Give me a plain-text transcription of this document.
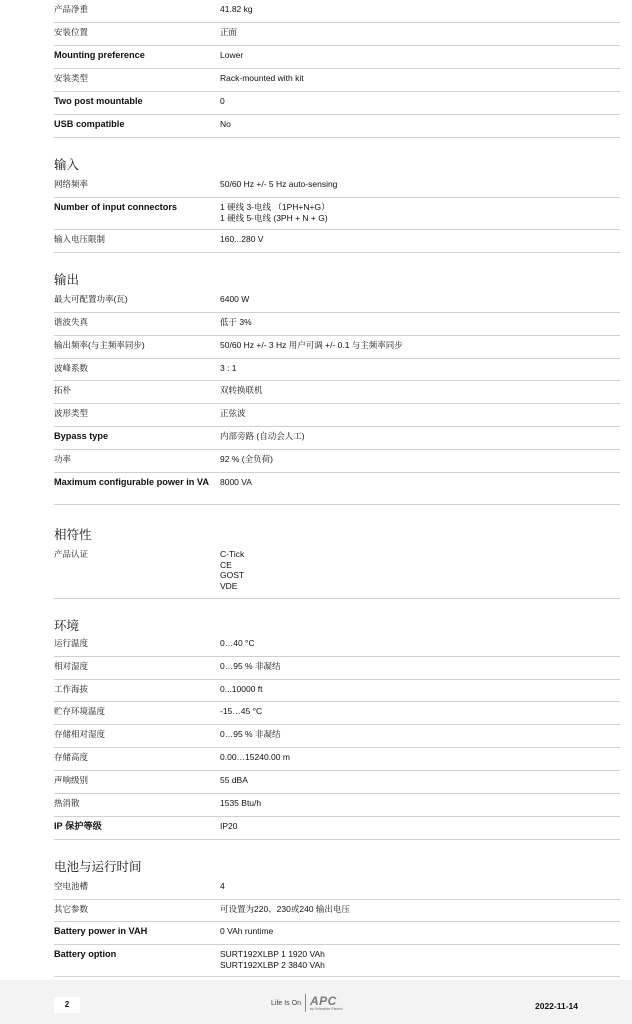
产品净重	41.82 kg
安装位置	正面
Mounting preference	Lower
安装类型	Rack-mounted with kit
Two post mountable	0
USB compatible	No
输入
网络频率	50/60 Hz +/- 5 Hz auto-sensing
Number of input connectors	1 硬线 3-电线 （1PH+N+G）
1 硬线 5-电线 (3PH + N + G)
输入电压限制	160...280 V
输出
最大可配置功率(瓦)	6400 W
谐波失真	低于 3%
输出频率(与主频率同步)	50/60 Hz +/- 3 Hz 用户可调 +/- 0.1 与主频率同步
波峰系数	3 : 1
拓朴	双转换联机
波形类型	正弦波
Bypass type	内部旁路 (自动会人工)
功率	92 % (全负荷)
Maximum configurable power in VA	8000 VA
相符性
产品认证	C-Tick
CE
GOST
VDE
环境
运行温度	0…40 °C
相对湿度	0…95 % 非凝结
工作海拔	0...10000 ft
贮存环境温度	-15…45 °C
存储相对湿度	0…95 % 非凝结
存储高度	0.00…15240.00 m
声响级别	55 dBA
热消散	1535 Btu/h
IP 保护等级	IP20
电池与运行时间
空电池槽	4
其它参数	可设置为220、230或240 输出电压
Battery power in VAH	0 VAh runtime
Battery option	SURT192XLBP 1 1920 VAh
SURT192XLBP 2 3840 VAh
2	Life Is On APC
by Schneider Electric	2022-11-14
